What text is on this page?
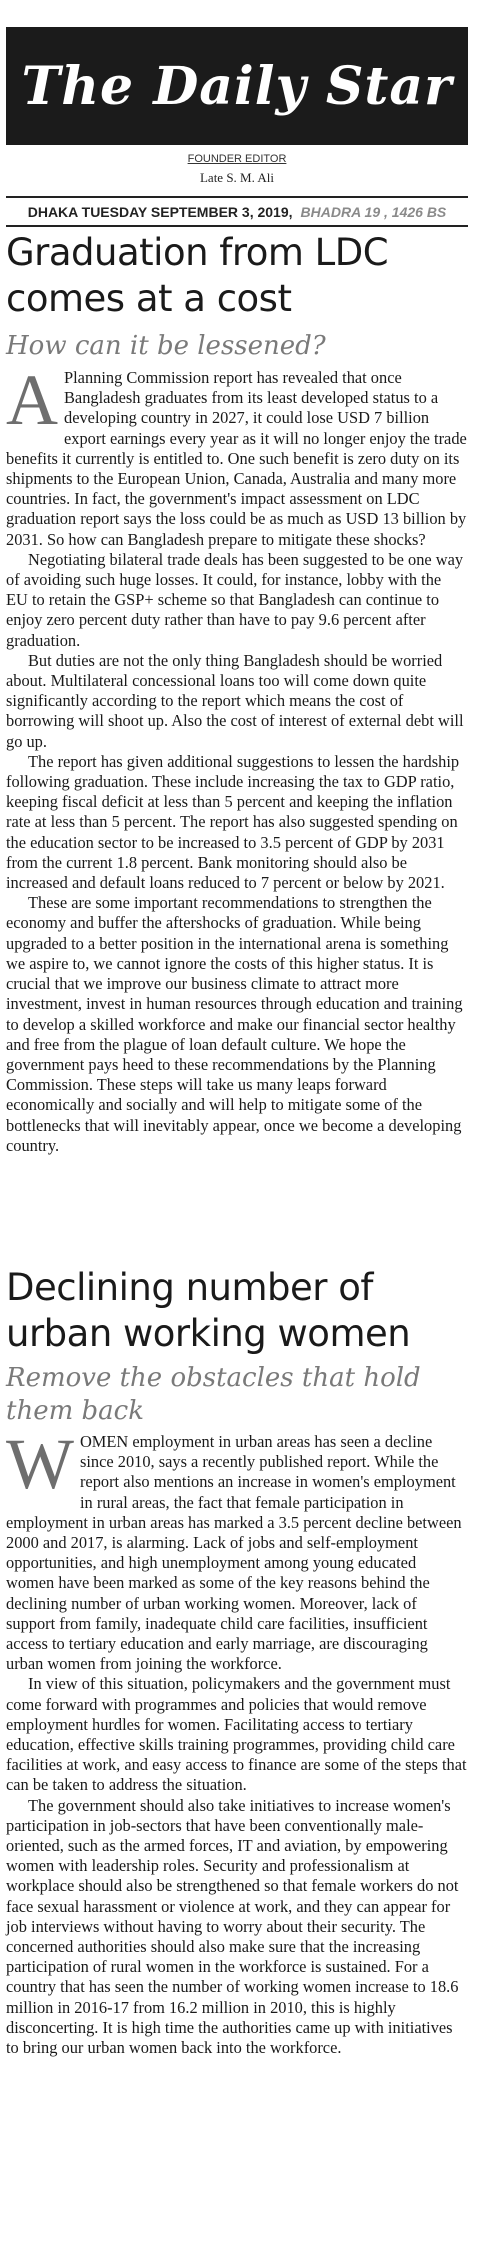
The Daily Star
FOUNDER EDITOR
Late S. M. Ali
DHAKA TUESDAY SEPTEMBER 3, 2019, BHADRA 19 , 1426 BS
Graduation from LDC comes at a cost
How can it be lessened?

A Planning Commission report has revealed that once Bangladesh graduates from its least developed status to a developing country in 2027, it could lose USD 7 billion export earnings every year as it will no longer enjoy the trade benefits it currently is entitled to. One such benefit is zero duty on its shipments to the European Union, Canada, Australia and many more countries. In fact, the government's impact assessment on LDC graduation report says the loss could be as much as USD 13 billion by 2031. So how can Bangladesh prepare to mitigate these shocks?

Negotiating bilateral trade deals has been suggested to be one way of avoiding such huge losses. It could, for instance, lobby with the EU to retain the GSP+ scheme so that Bangladesh can continue to enjoy zero percent duty rather than have to pay 9.6 percent after graduation.

But duties are not the only thing Bangladesh should be worried about. Multilateral concessional loans too will come down quite significantly according to the report which means the cost of borrowing will shoot up. Also the cost of interest of external debt will go up.

The report has given additional suggestions to lessen the hardship following graduation. These include increasing the tax to GDP ratio, keeping fiscal deficit at less than 5 percent and keeping the inflation rate at less than 5 percent. The report has also suggested spending on the education sector to be increased to 3.5 percent of GDP by 2031 from the current 1.8 percent. Bank monitoring should also be increased and default loans reduced to 7 percent or below by 2021.

These are some important recommendations to strengthen the economy and buffer the aftershocks of graduation. While being upgraded to a better position in the international arena is something we aspire to, we cannot ignore the costs of this higher status. It is crucial that we improve our business climate to attract more investment, invest in human resources through education and training to develop a skilled workforce and make our financial sector healthy and free from the plague of loan default culture. We hope the government pays heed to these recommendations by the Planning Commission. These steps will take us many leaps forward economically and socially and will help to mitigate some of the bottlenecks that will inevitably appear, once we become a developing country.

Declining number of urban working women
Remove the obstacles that hold them back

WOMEN employment in urban areas has seen a decline since 2010, says a recently published report. While the report also mentions an increase in women's employment in rural areas, the fact that female participation in employment in urban areas has marked a 3.5 percent decline between 2000 and 2017, is alarming. Lack of jobs and self-employment opportunities, and high unemployment among young educated women have been marked as some of the key reasons behind the declining number of urban working women. Moreover, lack of support from family, inadequate child care facilities, insufficient access to tertiary education and early marriage, are discouraging urban women from joining the workforce.

In view of this situation, policymakers and the government must come forward with programmes and policies that would remove employment hurdles for women. Facilitating access to tertiary education, effective skills training programmes, providing child care facilities at work, and easy access to finance are some of the steps that can be taken to address the situation.

The government should also take initiatives to increase women's participation in job-sectors that have been conventionally male-oriented, such as the armed forces, IT and aviation, by empowering women with leadership roles. Security and professionalism at workplace should also be strengthened so that female workers do not face sexual harassment or violence at work, and they can appear for job interviews without having to worry about their security. The concerned authorities should also make sure that the increasing participation of rural women in the workforce is sustained. For a country that has seen the number of working women increase to 18.6 million in 2016-17 from 16.2 million in 2010, this is highly disconcerting. It is high time the authorities came up with initiatives to bring our urban women back into the workforce.
